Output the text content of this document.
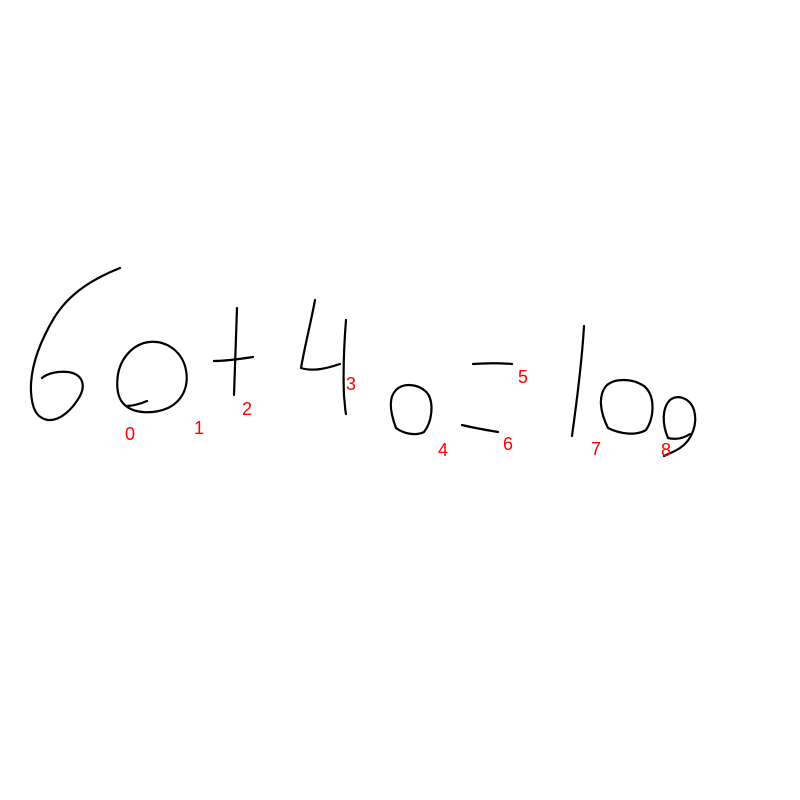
0	1
2
3
4
5
6	7	8
